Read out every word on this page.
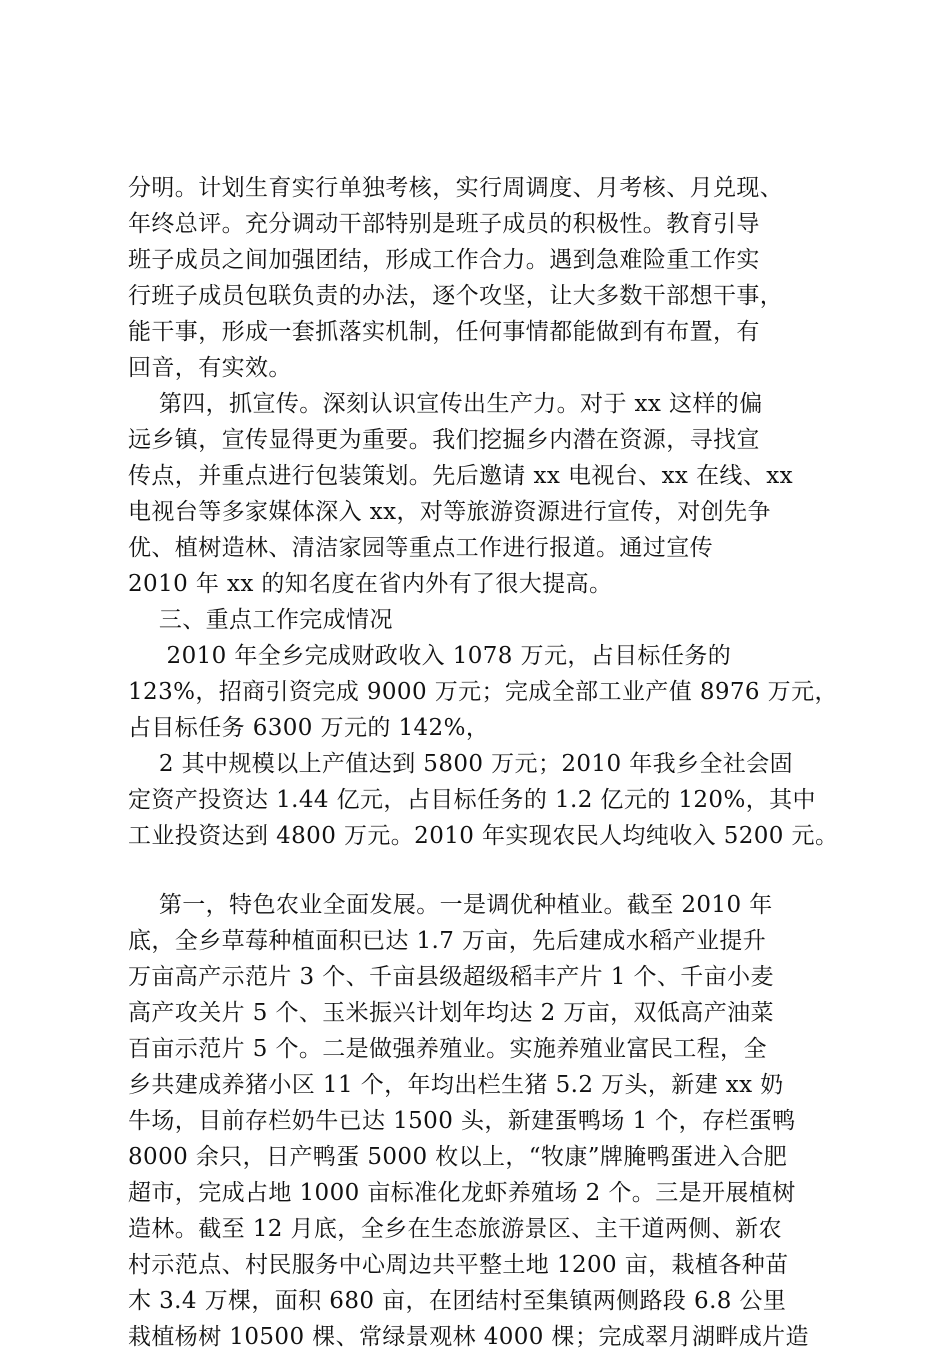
分明。计划生育实行单独考核，实行周调度、月考核、月兑现、

年终总评。充分调动干部特别是班子成员的积极性。教育引导

班子成员之间加强团结，形成工作合力。遇到急难险重工作实

行班子成员包联负责的办法，逐个攻坚，让大多数干部想干事，

能干事，形成一套抓落实机制，任何事情都能做到有布置，有

回音，有实效。

第四，抓宣传。深刻认识宣传出生产力。对于 xx 这样的偏

远乡镇，宣传显得更为重要。我们挖掘乡内潜在资源，寻找宣

传点，并重点进行包装策划。先后邀请 xx 电视台、xx 在线、xx

电视台等多家媒体深入 xx，对等旅游资源进行宣传，对创先争

优、植树造林、清洁家园等重点工作进行报道。通过宣传

2010 年 xx 的知名度在省内外有了很大提高。

三、重点工作完成情况

2010 年全乡完成财政收入 1078 万元，占目标任务的

123%，招商引资完成 9000 万元；完成全部工业产值 8976 万元，

占目标任务 6300 万元的 142%，

2 其中规模以上产值达到 5800 万元；2010 年我乡全社会固

定资产投资达 1.44 亿元，占目标任务的 1.2 亿元的 120%，其中

工业投资达到 4800 万元。2010 年实现农民人均纯收入 5200 元。

第一，特色农业全面发展。一是调优种植业。截至 2010 年

底，全乡草莓种植面积已达 1.7 万亩，先后建成水稻产业提升

万亩高产示范片 3 个、千亩县级超级稻丰产片 1 个、千亩小麦

高产攻关片 5 个、玉米振兴计划年均达 2 万亩，双低高产油菜

百亩示范片 5 个。二是做强养殖业。实施养殖业富民工程，全

乡共建成养猪小区 11 个，年均出栏生猪 5.2 万头，新建 xx 奶

牛场，目前存栏奶牛已达 1500 头，新建蛋鸭场 1 个，存栏蛋鸭

8000 余只，日产鸭蛋 5000 枚以上，“牧康”牌腌鸭蛋进入合肥

超市，完成占地 1000 亩标准化龙虾养殖场 2 个。三是开展植树

造林。截至 12 月底，全乡在生态旅游景区、主干道两侧、新农

村示范点、村民服务中心周边共平整土地 1200 亩，栽植各种苗

木 3.4 万棵，面积 680 亩，在团结村至集镇两侧路段 6.8 公里

栽植杨树 10500 棵、常绿景观林 4000 棵；完成翠月湖畔成片造
